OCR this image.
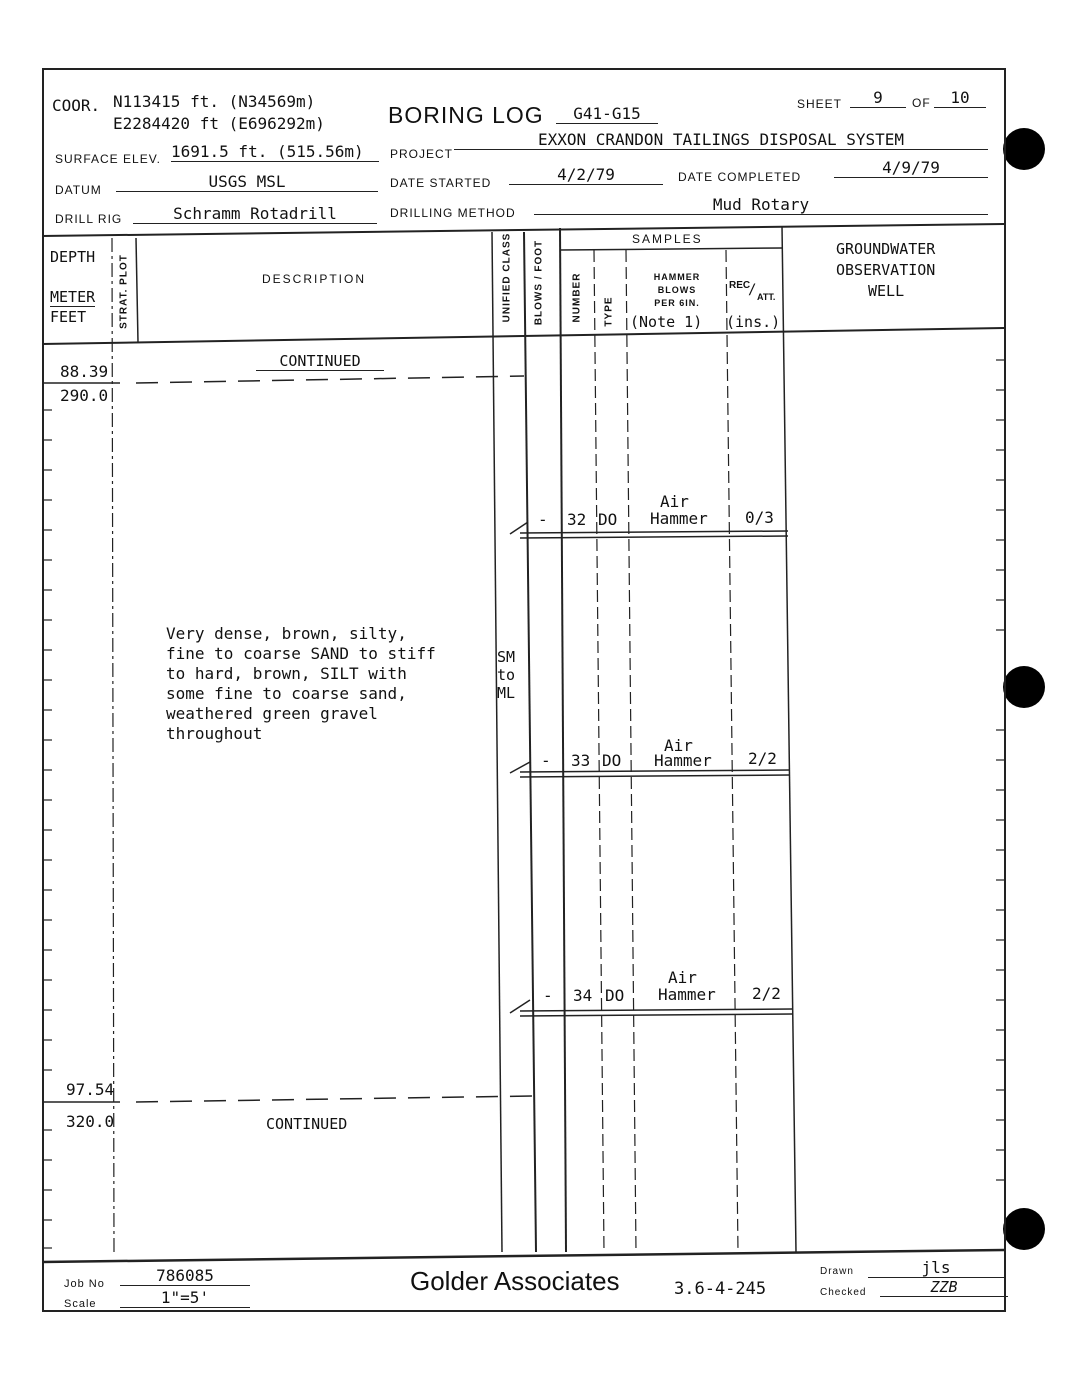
COOR. N113415 ft. (N34569m)
E2284420 ft (E696292m)	BORING LOG	G41-G15	SHEET	9	OF	10
SURFACE ELEV. 1691.5 ft. (515.56m)	PROJECT
EXXON CRANDON TAILINGS DISPOSAL SYSTEM
DATUM	USGS MSL	DATE STARTED	4/2/79	DATE COMPLETED	4/9/79
DRILL RIG	Schramm Rotadrill	DRILLING METHOD	Mud Rotary
DEPTH
METER
FEET	STRAT. PLOT	DESCRIPTION	UNIFIED CLASS BLOWS / FOOT
SAMPLES
NUMBER TYPE
HAMMER
BLOWS
PER 6IN.
(Note 1)
REC
/ ATT.
(ins.)
GROUNDWATER
OBSERVATION
WELL
88.39
290.0
CONTINUED
Very dense, brown, silty,
fine to coarse SAND to stiff
to hard, brown, SILT with
some fine to coarse sand,
weathered green gravel
throughout
SM
to
ML
97.54
320.0	CONTINUED
- 32 DO
Air
Hammer 0/3
- 33 DO
Air
Hammer 2/2
- 34 DO
Air
Hammer 2/2
Job No	786085
Scale	1"=5'
Golder Associates	3.6-4-245
Drawn	jls
Checked	ZZB
